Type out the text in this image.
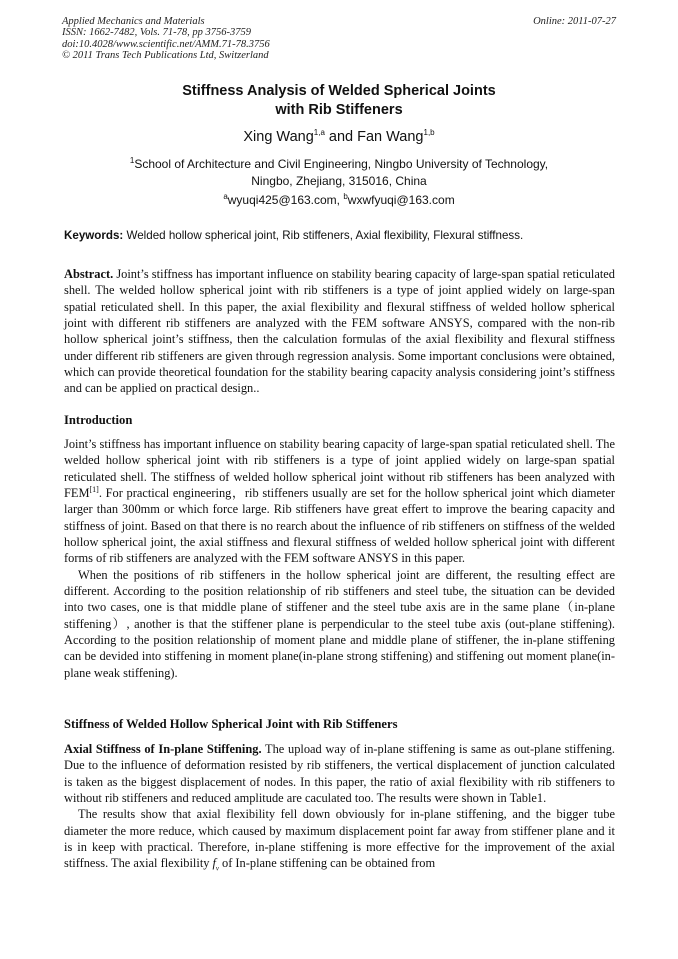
Applied Mechanics and Materials
ISSN: 1662-7482, Vols. 71-78, pp 3756-3759
doi:10.4028/www.scientific.net/AMM.71-78.3756
© 2011 Trans Tech Publications Ltd, Switzerland
Online: 2011-07-27
Stiffness Analysis of Welded Spherical Joints
with Rib Stiffeners
Xing Wang$^{1,a}$ and Fan Wang$^{1,b}$
$^1$School of Architecture and Civil Engineering, Ningbo University of Technology,
Ningbo, Zhejiang, 315016, China
$^a$wyuqi425@163.com, $^b$wxwfyuqi@163.com
Keywords: Welded hollow spherical joint, Rib stiffeners, Axial flexibility, Flexural stiffness.
Abstract. Joint’s stiffness has important influence on stability bearing capacity of large-span spatial reticulated shell. The welded hollow spherical joint with rib stiffeners is a type of joint applied widely on large-span spatial reticulated shell. In this paper, the axial flexibility and flexural stiffness of welded hollow spherical joint with different rib stiffeners are analyzed with the FEM software ANSYS, compared with the non-rib hollow spherical joint’s stiffness, then the calculation formulas of the axial flexibility and flexural stiffness under different rib stiffeners are given through regression analysis. Some important conclusions were obtained, which can provide theoretical foundation for the stability bearing capacity analysis considering joint’s stiffness and can be applied on practical design..
Introduction
Joint’s stiffness has important influence on stability bearing capacity of large-span spatial reticulated shell. The welded hollow spherical joint with rib stiffeners is a type of joint applied widely on large-span spatial reticulated shell. The stiffness of welded hollow spherical joint without rib stiffeners has been analyzed with FEM[1]. For practical engineering，rib stiffeners usually are set for the hollow spherical joint which diameter larger than 300mm or which force large. Rib stiffeners have great effert to improve the bearing capacity and stiffness of joint. Based on that there is no rearch about the influence of rib stiffeners on stiffness of the welded hollow spherical joint, the axial stiffness and flexural stiffness of welded hollow spherical joint with different forms of rib stiffeners are analyzed with the FEM software ANSYS in this paper.
When the positions of rib stiffeners in the hollow spherical joint are different, the resulting effect are different. According to the position relationship of rib stiffeners and steel tube, the situation can be devided into two cases, one is that middle plane of stiffener and the steel tube axis are in the same plane（in-plane stiffening）, another is that the stiffener plane is perpendicular to the steel tube axis (out-plane stiffening). According to the position relationship of moment plane and middle plane of stiffener, the in-plane stiffening can be devided into stiffening in moment plane(in-plane strong stiffening) and stiffening out moment plane(in-plane weak stiffening).
Stiffness of Welded Hollow Spherical Joint with Rib Stiffeners
Axial Stiffness of In-plane Stiffening. The upload way of in-plane stiffening is same as out-plane stiffening. Due to the influence of deformation resisted by rib stiffeners, the vertical displacement of junction calculated is taken as the biggest displacement of nodes. In this paper, the ratio of axial flexibility with rib stiffeners to without rib stiffeners and reduced amplitude are caculated too. The results were shown in Table1.
The results show that axial flexibility fell down obviously for in-plane stiffening, and the bigger tube diameter the more reduce, which caused by maximum displacement point far away from stiffener plane and it is in keep with practical. Therefore, in-plane stiffening is more effective for the improvement of the axial stiffness. The axial flexibility $f_v$ of In-plane stiffening can be obtained from
